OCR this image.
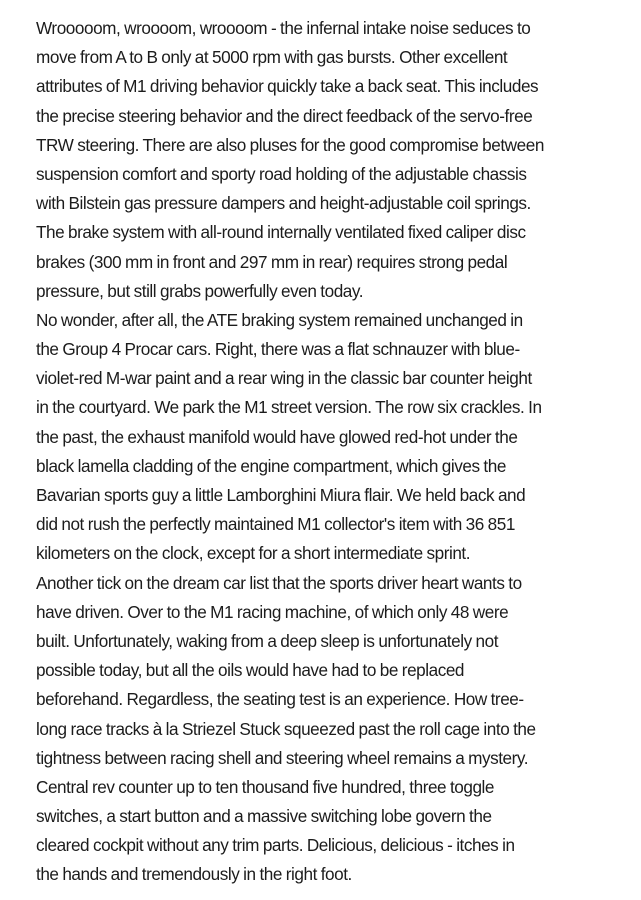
Wrooooom, wroooom, wroooom - the infernal intake noise seduces to
move from A to B only at 5000 rpm with gas bursts. Other excellent
attributes of M1 driving behavior quickly take a back seat. This includes
the precise steering behavior and the direct feedback of the servo-free
TRW steering. There are also pluses for the good compromise between
suspension comfort and sporty road holding of the adjustable chassis
with Bilstein gas pressure dampers and height-adjustable coil springs.
The brake system with all-round internally ventilated fixed caliper disc
brakes (300 mm in front and 297 mm in rear) requires strong pedal
pressure, but still grabs powerfully even today.
No wonder, after all, the ATE braking system remained unchanged in
the Group 4 Procar cars. Right, there was a flat schnauzer with blue-
violet-red M-war paint and a rear wing in the classic bar counter height
in the courtyard. We park the M1 street version. The row six crackles. In
the past, the exhaust manifold would have glowed red-hot under the
black lamella cladding of the engine compartment, which gives the
Bavarian sports guy a little Lamborghini Miura flair. We held back and
did not rush the perfectly maintained M1 collector's item with 36 851
kilometers on the clock, except for a short intermediate sprint.
Another tick on the dream car list that the sports driver heart wants to
have driven. Over to the M1 racing machine, of which only 48 were
built. Unfortunately, waking from a deep sleep is unfortunately not
possible today, but all the oils would have had to be replaced
beforehand. Regardless, the seating test is an experience. How tree-
long race tracks à la Striezel Stuck squeezed past the roll cage into the
tightness between racing shell and steering wheel remains a mystery.
Central rev counter up to ten thousand five hundred, three toggle
switches, a start button and a massive switching lobe govern the
cleared cockpit without any trim parts. Delicious, delicious - itches in
the hands and tremendously in the right foot.
